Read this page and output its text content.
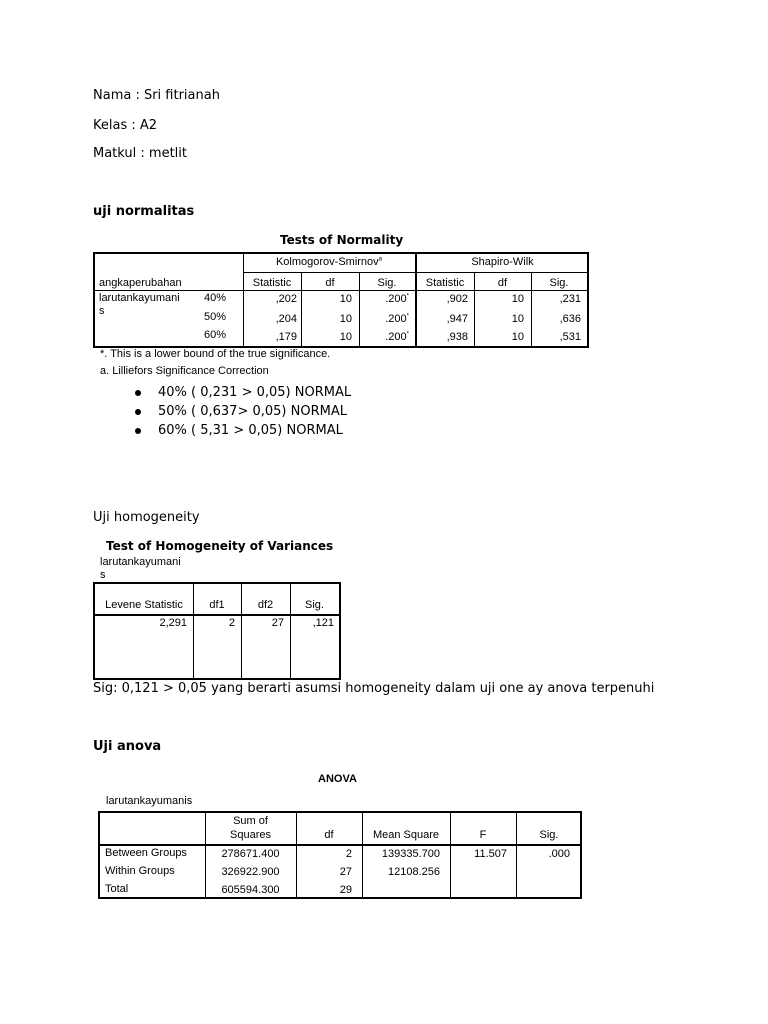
Nama : Sri fitrianah
Kelas : A2
Matkul : metlit
uji normalitas
Tests of Normality
Kolmogorov-Smirnov$^a$	Shapiro-Wilk
angkaperubahan	Statistic	df	Sig.	Statistic	df	Sig.
larutankayumani
s
40%	,202	10	.200*	,902	10	,231
50%	,204	10	.200*	,947	10	,636
60%	,179	10	.200*	,938	10	,531
*. This is a lower bound of the true significance.
a. Lilliefors Significance Correction
40% ( 0,231 > 0,05) NORMAL
50% ( 0,637> 0,05) NORMAL
60% ( 5,31 > 0,05) NORMAL
Uji homogeneity
Test of Homogeneity of Variances
larutankayumani
s
Levene Statistic	df1	df2	Sig.
2,291	2	27	,121
Sig: 0,121 > 0,05 yang berarti asumsi homogeneity dalam uji one ay anova terpenuhi
Uji anova
ANOVA
larutankayumanis
Sum of
Squares	df	Mean Square	F	Sig.
Between Groups	278671.400	2	139335.700	11.507	.000
Within Groups	326922.900	27	12108.256
Total	605594.300	29
